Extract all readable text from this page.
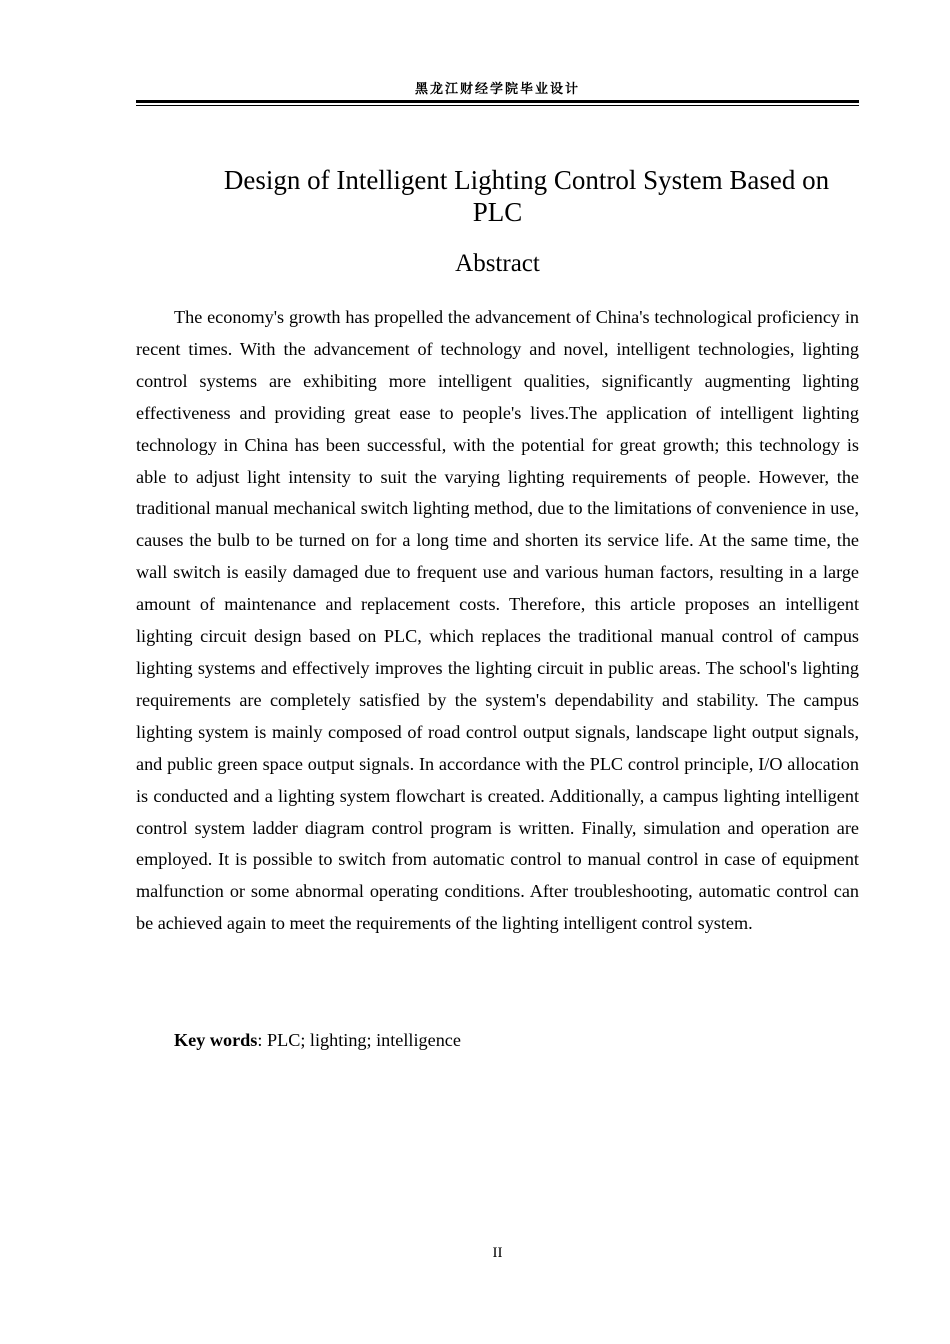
黑龙江财经学院毕业设计
Design of Intelligent Lighting Control System Based on
PLC
Abstract

The economy's growth has propelled the advancement of China's technological proficiency in recent times. With the advancement of technology and novel, intelligent technologies, lighting control systems are exhibiting more intelligent qualities, significantly augmenting lighting effectiveness and providing great ease to people's lives.The application of intelligent lighting technology in China has been successful, with the potential for great growth; this technology is able to adjust light intensity to suit the varying lighting requirements of people. However, the traditional manual mechanical switch lighting method, due to the limitations of convenience in use, causes the bulb to be turned on for a long time and shorten its service life. At the same time, the wall switch is easily damaged due to frequent use and various human factors, resulting in a large amount of maintenance and replacement costs. Therefore, this article proposes an intelligent lighting circuit design based on PLC, which replaces the traditional manual control of campus lighting systems and effectively improves the lighting circuit in public areas. The school's lighting requirements are completely satisfied by the system's dependability and stability. The campus lighting system is mainly composed of road control output signals, landscape light output signals, and public green space output signals. In accordance with the PLC control principle, I/O allocation is conducted and a lighting system flowchart is created. Additionally, a campus lighting intelligent control system ladder diagram control program is written. Finally, simulation and operation are employed. It is possible to switch from automatic control to manual control in case of equipment malfunction or some abnormal operating conditions. After troubleshooting, automatic control can be achieved again to meet the requirements of the lighting intelligent control system.

Key words: PLC; lighting; intelligence

II
